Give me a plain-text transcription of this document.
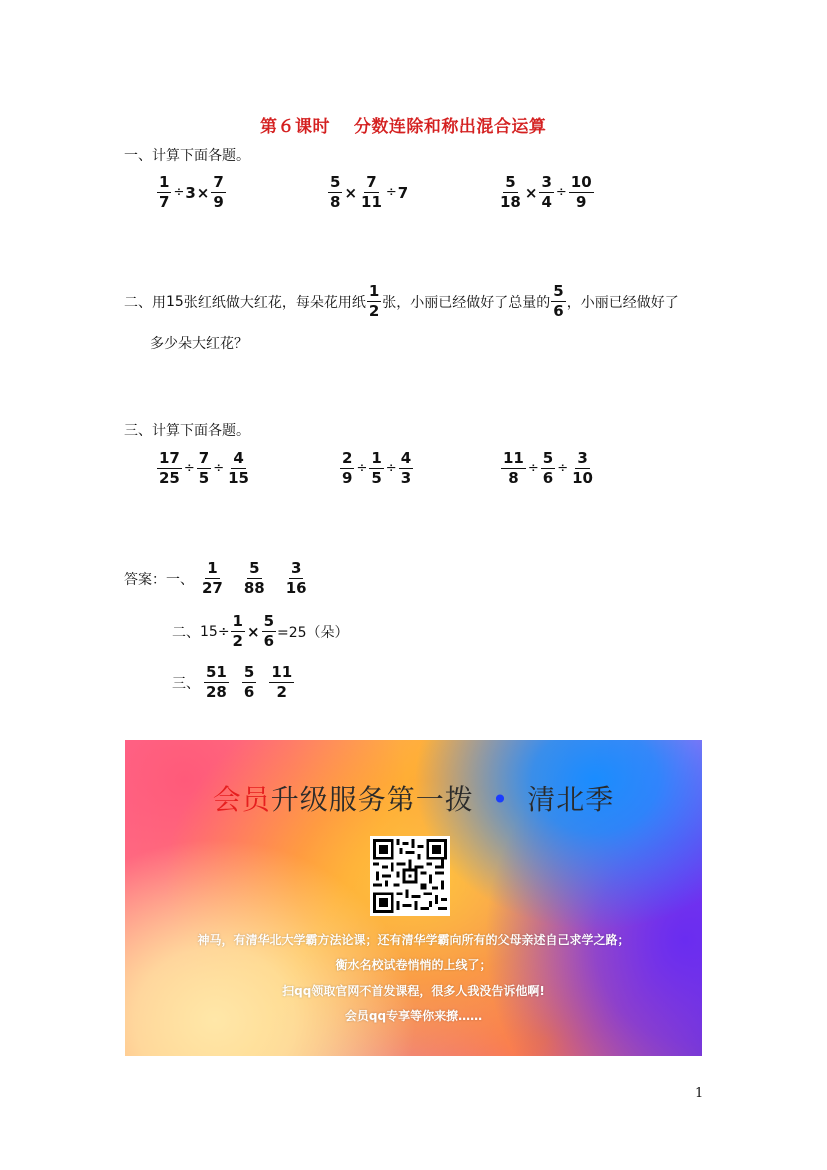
第６课时　 分数连除和称出混合运算
一、计算下面各题。
$\frac{1}{7} \div 3 \times \frac{7}{9}$	$\frac{5}{8} \times \frac{7}{11} \div 7$	$\frac{5}{18} \times \frac{3}{4} \div \frac{10}{9}$
二、用 15 张红纸做大红花，每朵花用纸 $\frac{1}{2}$ 张，小丽已经做好了总量的 $\frac{5}{6}$ ，小丽已经做好了
多少朵大红花？
三、计算下面各题。
$\frac{17}{25} \div \frac{7}{5} \div \frac{4}{15}$	$\frac{2}{9} \div \frac{1}{5} \div \frac{4}{3}$	$\frac{11}{8} \div \frac{5}{6} \div \frac{3}{10}$
答案：一、 $\frac{1}{27} \frac{5}{88} \frac{3}{16}$
二、 $15\div \frac{1}{2} \times \frac{5}{6} =25$（朵）
三、 $\frac{51}{28} \frac{5}{6} \frac{11}{2}$
会员升级服务第一拨 • 清北季
神马，有清华北大学霸方法论课；还有清华学霸向所有的父母亲述自己求学之路；
衡水名校试卷悄悄的上线了；
扫qq领取官网不首发课程，很多人我没告诉他啊!
会员qq专享等你来撩……
1
